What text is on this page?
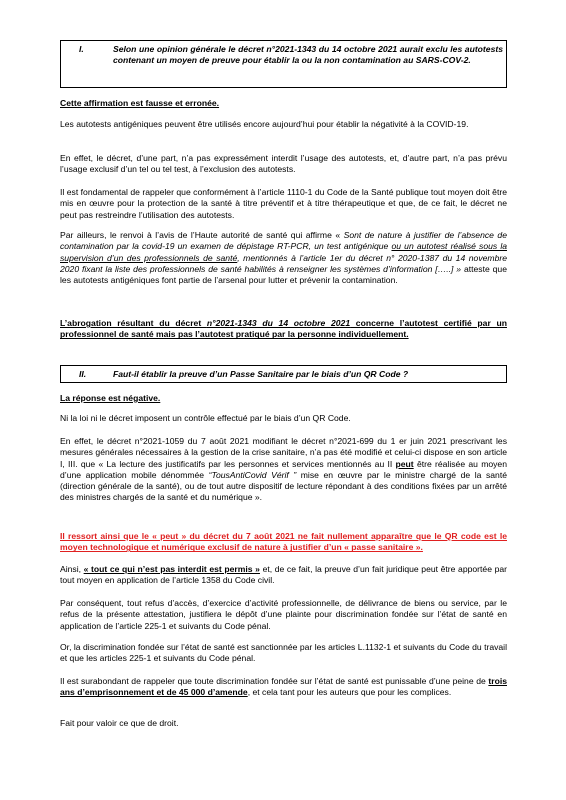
I.	Selon une opinion générale le décret n°2021-1343 du 14 octobre 2021 aurait exclu les autotests contenant un moyen de preuve pour établir la ou la non contamination au SARS-COV-2.

Cette affirmation est fausse et erronée.

Les autotests antigéniques peuvent être utilisés encore aujourd’hui pour établir la négativité à la COVID-19.

En effet, le décret, d’une part, n’a pas expressément interdit l’usage des autotests, et, d’autre part, n’a pas prévu l’usage exclusif d’un tel ou tel test, à l’exclusion des autotests.

Il est fondamental de rappeler que conformément à l’article 1110-1 du Code de la Santé publique tout moyen doit être mis en œuvre pour la protection de la santé à titre préventif et à titre thérapeutique et que, de ce fait, le décret ne peut pas restreindre l’utilisation des autotests.

Par ailleurs, le renvoi à l’avis de l’Haute autorité de santé qui affirme « Sont de nature à justifier de l’absence de contamination par la covid-19 un examen de dépistage RT-PCR, un test antigénique ou un autotest réalisé sous la supervision d’un des professionnels de santé, mentionnés à l’article 1er du décret n° 2020-1387 du 14 novembre 2020 fixant la liste des professionnels de santé habilités à renseigner les systèmes d’information […..] » atteste que les autotests antigéniques font partie de l’arsenal pour lutter et prévenir la contamination.

L’abrogation résultant du décret n°2021-1343 du 14 octobre 2021 concerne l’autotest certifié par un professionnel de santé mais pas l’autotest pratiqué par la personne individuellement.

II.	Faut-il établir la preuve d’un Passe Sanitaire par le biais d’un QR Code ?

La réponse est négative.

Ni la loi ni le décret imposent un contrôle effectué par le biais d’un QR Code.

En effet, le décret n°2021-1059 du 7 août 2021 modifiant le décret n°2021-699 du 1 er juin 2021 prescrivant les mesures générales nécessaires à la gestion de la crise sanitaire, n’a pas été modifié et celui-ci dispose en son article I, III. que « La lecture des justificatifs par les personnes et services mentionnés au II peut être réalisée au moyen d’une application mobile dénommée “TousAntiCovid Vérif ” mise en œuvre par le ministre chargé de la santé (direction générale de la santé), ou de tout autre dispositif de lecture répondant à des conditions fixées par un arrêté des ministres chargés de la santé et du numérique ».

Il ressort ainsi que le « peut » du décret du 7 août 2021 ne fait nullement apparaître que le QR code est le moyen technologique et numérique exclusif de nature à justifier d’un « passe sanitaire ».

Ainsi, « tout ce qui n’est pas interdit est permis » et, de ce fait, la preuve d’un fait juridique peut être apportée par tout moyen en application de l’article 1358 du Code civil.

Par conséquent, tout refus d’accès, d’exercice d’activité professionnelle, de délivrance de biens ou service, par le refus de la présente attestation, justifiera le dépôt d’une plainte pour discrimination fondée sur l’état de santé en application de l’article 225-1 et suivants du Code pénal.

Or, la discrimination fondée sur l’état de santé est sanctionnée par les articles L.1132-1 et suivants du Code du travail et que les articles 225-1 et suivants du Code pénal.

Il est surabondant de rappeler que toute discrimination fondée sur l’état de santé est punissable d’une peine de trois ans d’emprisonnement et de 45 000 d’amende, et cela tant pour les auteurs que pour les complices.

Fait pour valoir ce que de droit.
